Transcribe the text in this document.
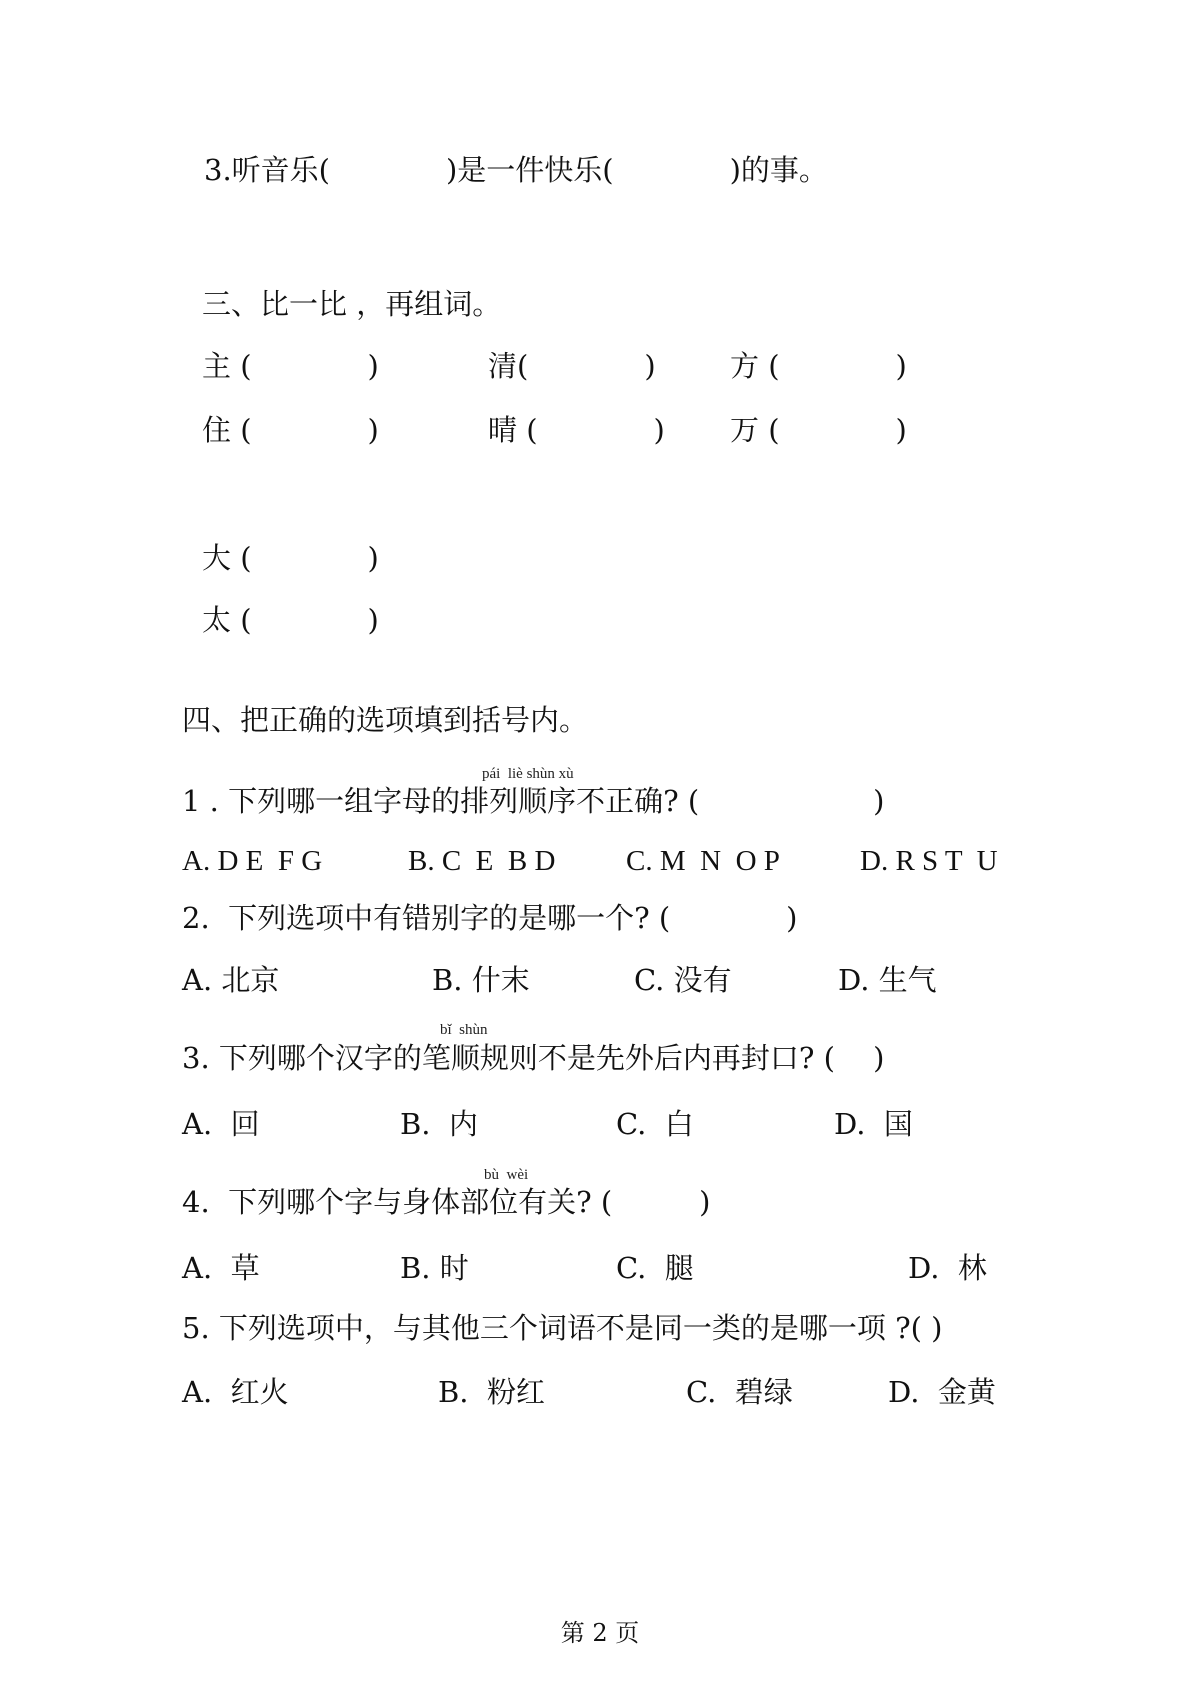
3.听音乐(　　　　)是一件快乐(　　　　)的事。
三、比一比 ，再组词。
主 (　　　　)	清(　　　　)	方 (　　　　)
住 (　　　　)	晴 (　　　　) 万 (　　　　)
大 (　　　　)
太 (　　　　)
四、把正确的选项填到括号内。
pái  liè shùn xù
1 . 下列哪一组字母的排列顺序不正确? (　　　　　　)
A. D E  F G	B. C  E  B D C. M  N  O P	D. R S T  U
2.  下列选项中有错别字的是哪一个? (　　　　)
A. 北京	B. 什末	C. 没有	D. 生气
bǐ  shùn
3. 下列哪个汉字的笔顺规则不是先外后内再封口? (　 )
A.  回	B.  内	C.  白	D.  国
bù  wèi
4.  下列哪个字与身体部位有关? (　　　)
A.  草	B. 时	C.  腿	D.  林
5. 下列选项中，与其他三个词语不是同一类的是哪一项 ?( )
A.  红火	B.  粉红	C.  碧绿	D.  金黄
第 2 页
